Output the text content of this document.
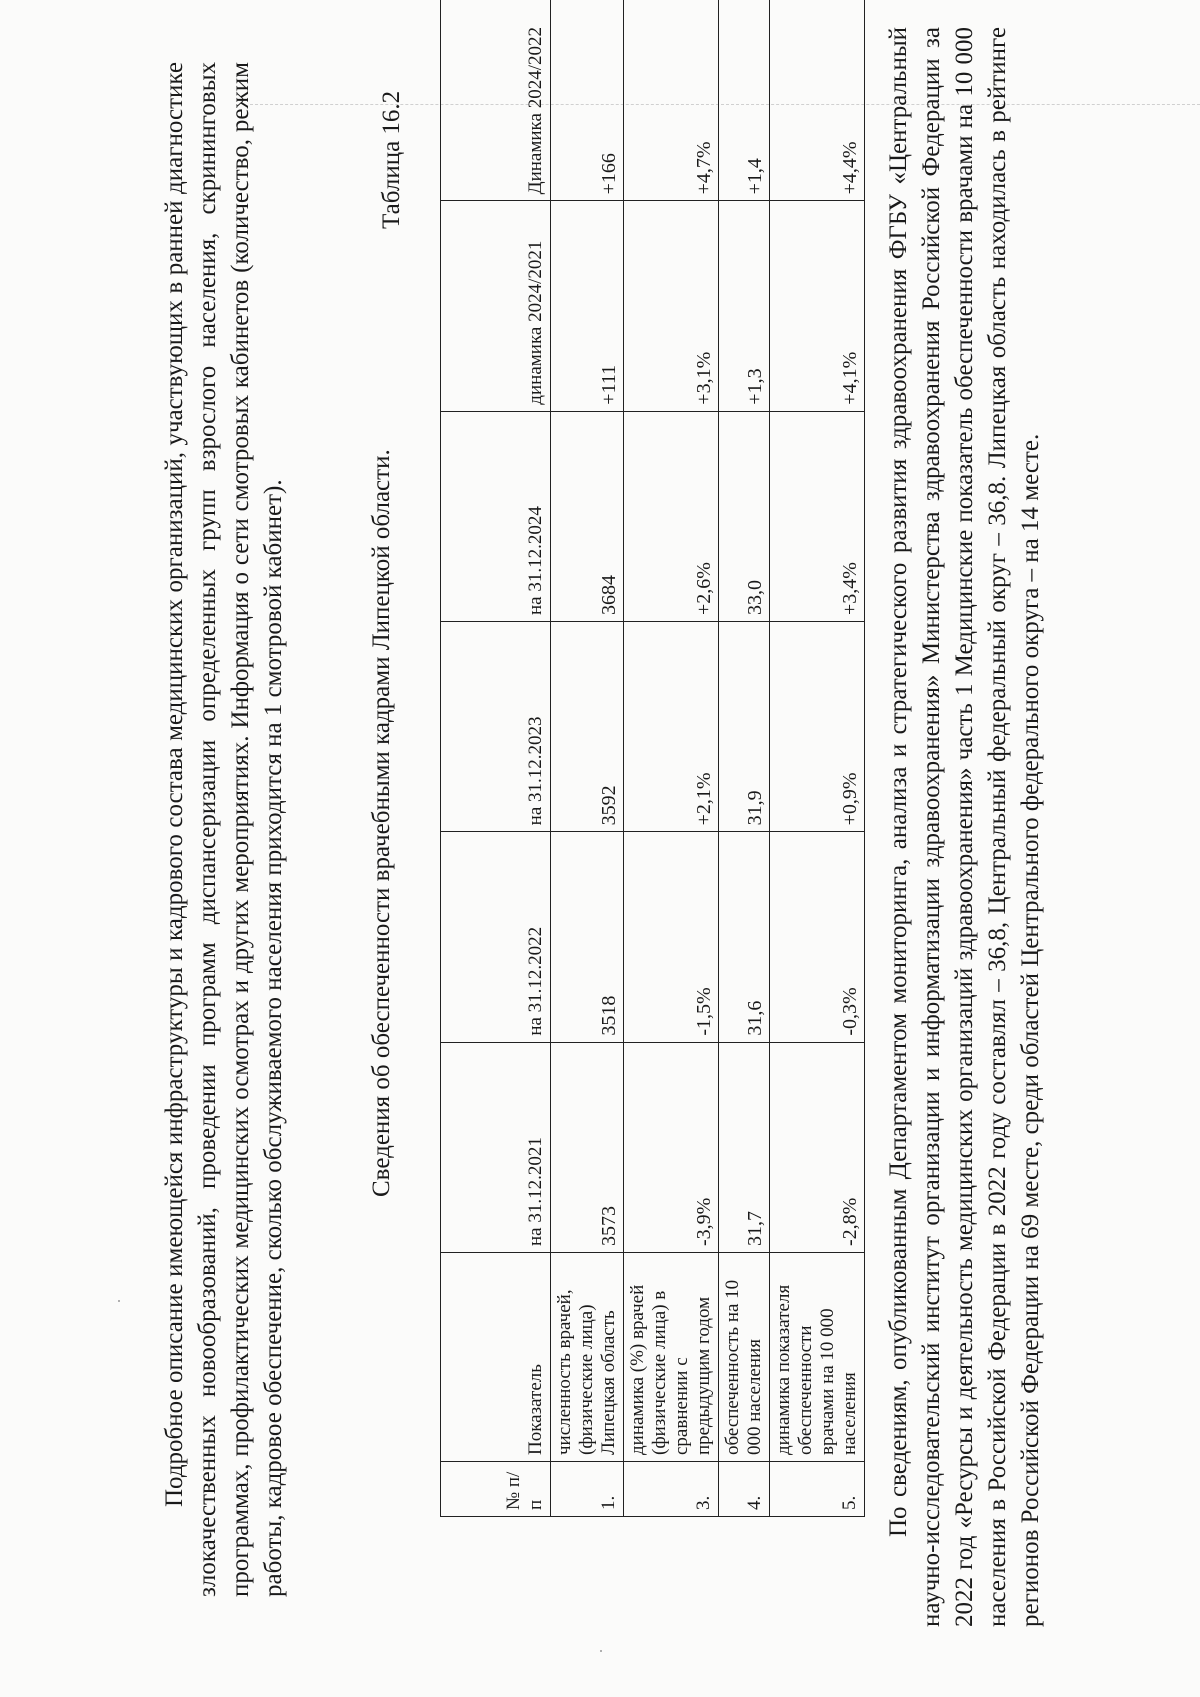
Подробное описание имеющейся инфраструктуры и кадрового состава медицинских организаций, участвующих в ранней диагностике злокачественных новообразований, проведении программ диспансеризации определенных групп взрослого населения, скрининговых программах, профилактических медицинских осмотрах и других мероприятиях. Информация о сети смотровых кабинетов (количество, режим работы, кадровое обеспечение, сколько обслуживаемого населения приходится на 1 смотровой кабинет).	Сведения об обеспеченности врачебными кадрами Липецкой области.
Таблица 16.2
№ п/п	Показатель	на 31.12.2021	на 31.12.2022	на 31.12.2023	на 31.12.2024	динамика 2024/2021	Динамика 2024/2022
1.	численность врачей, (физические лица) Липецкая область	3573	3518	3592	3684	+111	+166
3.	динамика (%) врачей (физические лица) в сравнении с предыдущим годом	-3,9%	-1,5%	+2,1%	+2,6%	+3,1%	+4,7%
4.	обеспеченность на 10 000 населения	31,7	31,6	31,9	33,0	+1,3	+1,4
5.	динамика показателя обеспеченности врачами на 10 000 населения	-2,8%	-0,3%	+0,9%	+3,4%	+4,1%	+4,4% По сведениям, опубликованным Департаментом мониторинга, анализа и стратегического развития здравоохранения ФГБУ «Центральный научно-исследовательский институт организации и информатизации здравоохранения» Министерства здравоохранения Российской Федерации за 2022 год «Ресурсы и деятельность медицинских организаций здравоохранения» часть 1 Медицинские показатель обеспеченности врачами на 10 000 населения в Российской Федерации в 2022 году составлял – 36,8, Центральный федеральный округ – 36,8. Липецкая область находилась в рейтинге регионов Российской Федерации на 69 месте, среди областей Центрального федерального округа – на 14 месте.
